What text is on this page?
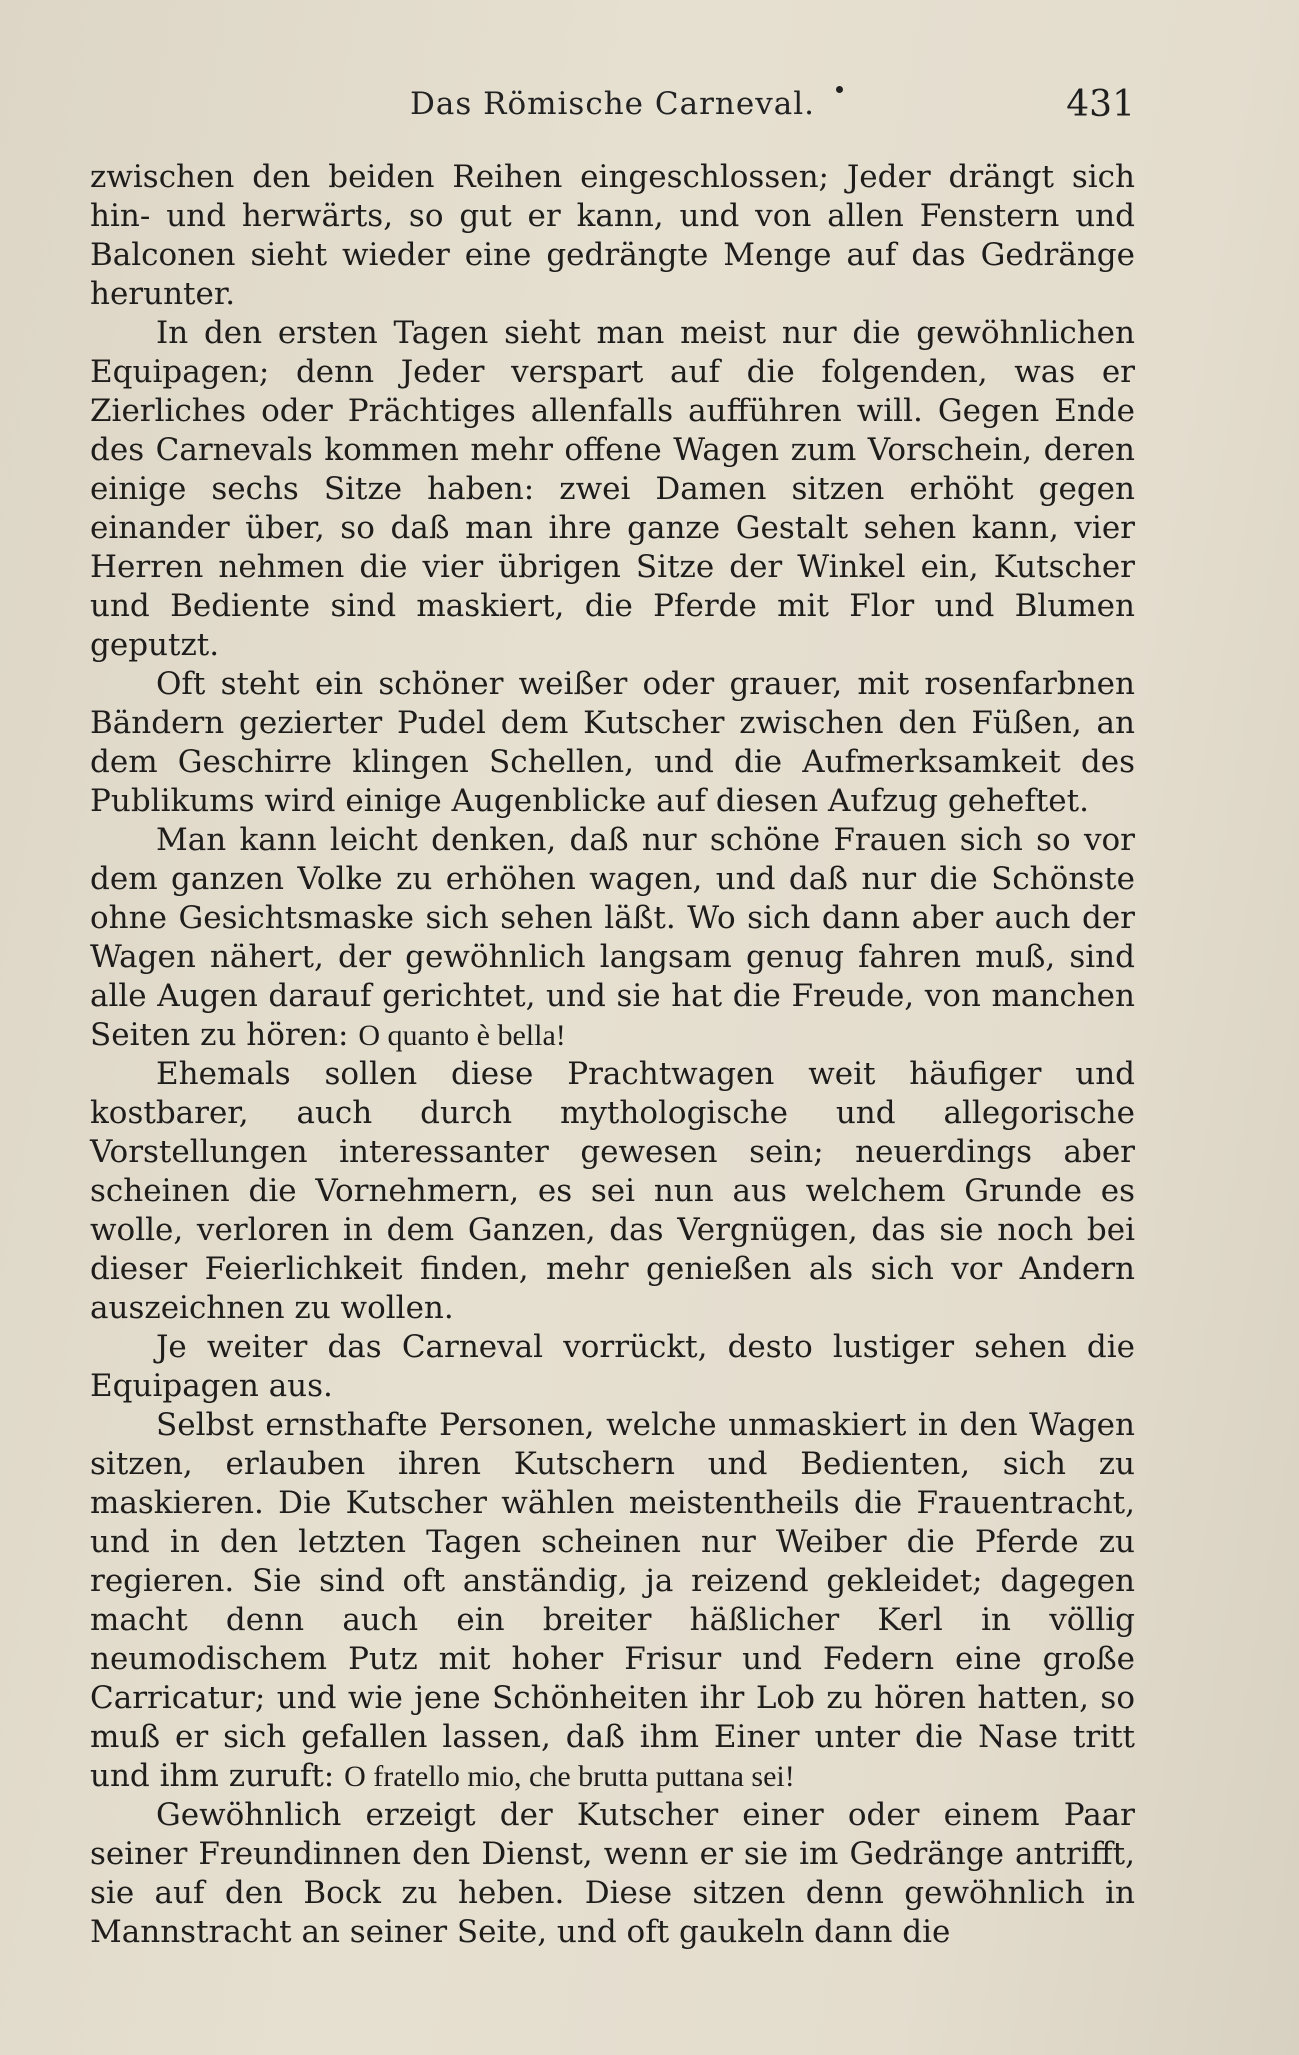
Das Römische Carneval.	431

zwischen den beiden Reihen eingeschlossen; Jeder drängt sich hin- und herwärts, so gut er kann, und von allen Fenstern und Balconen sieht wieder eine gedrängte Menge auf das Gedränge herunter.

In den ersten Tagen sieht man meist nur die gewöhnlichen Equipagen; denn Jeder verspart auf die folgenden, was er Zierliches oder Prächtiges allenfalls aufführen will. Gegen Ende des Carnevals kommen mehr offene Wagen zum Vorschein, deren einige sechs Sitze haben: zwei Damen sitzen erhöht gegen einander über, so daß man ihre ganze Gestalt sehen kann, vier Herren nehmen die vier übrigen Sitze der Winkel ein, Kutscher und Bediente sind maskiert, die Pferde mit Flor und Blumen geputzt.

Oft steht ein schöner weißer oder grauer, mit rosenfarbnen Bändern gezierter Pudel dem Kutscher zwischen den Füßen, an dem Geschirre klingen Schellen, und die Aufmerksamkeit des Publikums wird einige Augenblicke auf diesen Aufzug geheftet.

Man kann leicht denken, daß nur schöne Frauen sich so vor dem ganzen Volke zu erhöhen wagen, und daß nur die Schönste ohne Gesichtsmaske sich sehen läßt. Wo sich dann aber auch der Wagen nähert, der gewöhnlich langsam genug fahren muß, sind alle Augen darauf gerichtet, und sie hat die Freude, von manchen Seiten zu hören: O quanto è bella!

Ehemals sollen diese Prachtwagen weit häufiger und kostbarer, auch durch mythologische und allegorische Vorstellungen interessanter gewesen sein; neuerdings aber scheinen die Vornehmern, es sei nun aus welchem Grunde es wolle, verloren in dem Ganzen, das Vergnügen, das sie noch bei dieser Feierlichkeit finden, mehr genießen als sich vor Andern auszeichnen zu wollen.

Je weiter das Carneval vorrückt, desto lustiger sehen die Equipagen aus.

Selbst ernsthafte Personen, welche unmaskiert in den Wagen sitzen, erlauben ihren Kutschern und Bedienten, sich zu maskieren. Die Kutscher wählen meistentheils die Frauentracht, und in den letzten Tagen scheinen nur Weiber die Pferde zu regieren. Sie sind oft anständig, ja reizend gekleidet; dagegen macht denn auch ein breiter häßlicher Kerl in völlig neumodischem Putz mit hoher Frisur und Federn eine große Carricatur; und wie jene Schönheiten ihr Lob zu hören hatten, so muß er sich gefallen lassen, daß ihm Einer unter die Nase tritt und ihm zuruft: O fratello mio, che brutta puttana sei!

Gewöhnlich erzeigt der Kutscher einer oder einem Paar seiner Freundinnen den Dienst, wenn er sie im Gedränge antrifft, sie auf den Bock zu heben. Diese sitzen denn gewöhnlich in Mannstracht an seiner Seite, und oft gaukeln dann die
